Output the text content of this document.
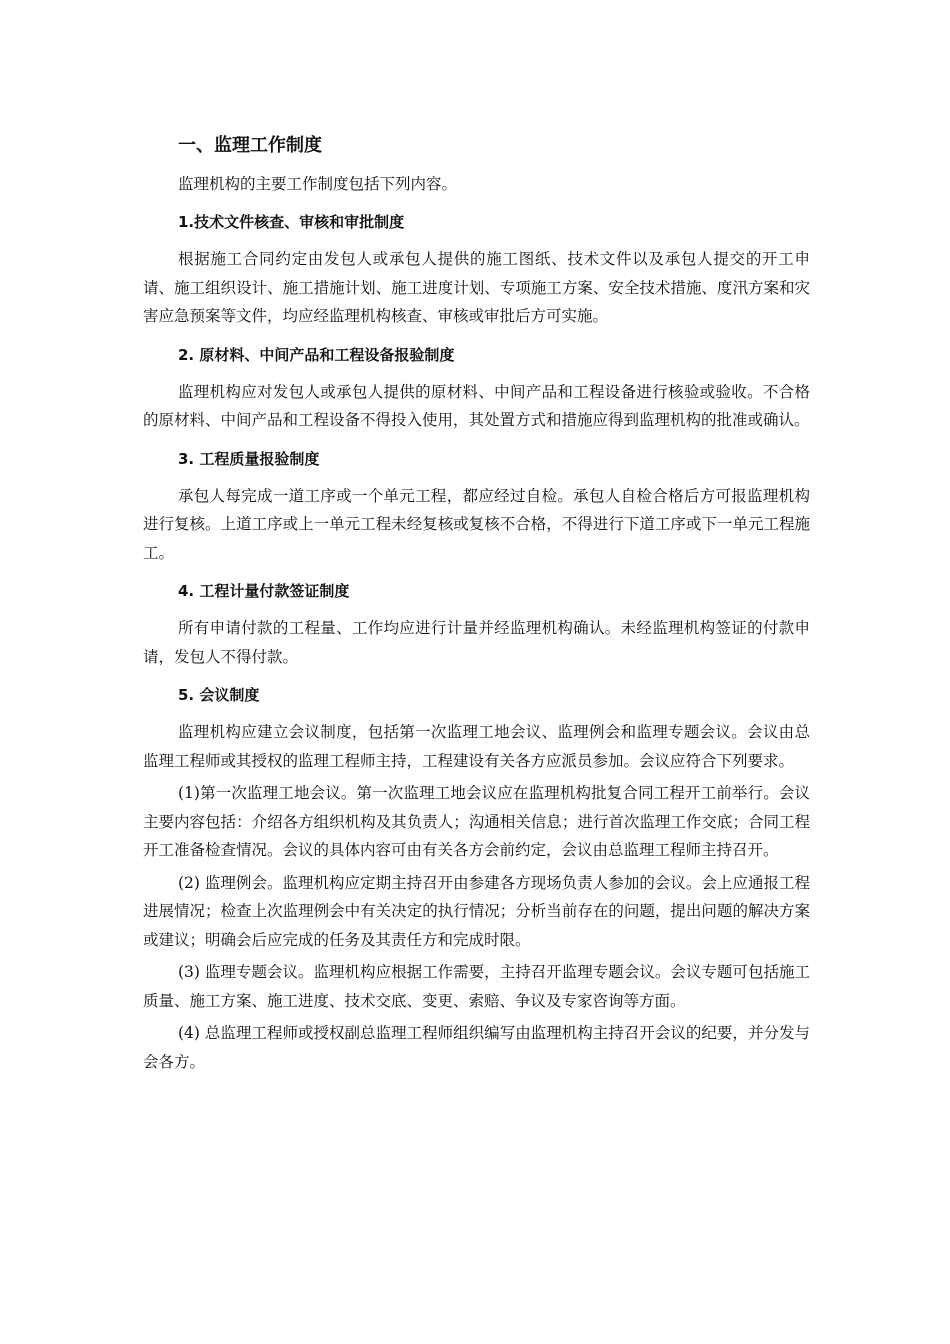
一、监理工作制度
监理机构的主要工作制度包括下列内容。
1.技术文件核查、审核和审批制度
根据施工合同约定由发包人或承包人提供的施工图纸、技术文件以及承包人提交的开工申请、施工组织设计、施工措施计划、施工进度计划、专项施工方案、安全技术措施、度汛方案和灾害应急预案等文件，均应经监理机构核查、审核或审批后方可实施。
2. 原材料、中间产品和工程设备报验制度
监理机构应对发包人或承包人提供的原材料、中间产品和工程设备进行核验或验收。不合格的原材料、中间产品和工程设备不得投入使用，其处置方式和措施应得到监理机构的批准或确认。
3. 工程质量报验制度
承包人每完成一道工序或一个单元工程，都应经过自检。承包人自检合格后方可报监理机构进行复核。上道工序或上一单元工程未经复核或复核不合格，不得进行下道工序或下一单元工程施工。
4. 工程计量付款签证制度
所有申请付款的工程量、工作均应进行计量并经监理机构确认。未经监理机构签证的付款申请，发包人不得付款。
5. 会议制度
监理机构应建立会议制度，包括第一次监理工地会议、监理例会和监理专题会议。会议由总监理工程师或其授权的监理工程师主持，工程建设有关各方应派员参加。会议应符合下列要求。
(1)第一次监理工地会议。第一次监理工地会议应在监理机构批复合同工程开工前举行。会议主要内容包括：介绍各方组织机构及其负责人；沟通相关信息；进行首次监理工作交底；合同工程开工准备检查情况。会议的具体内容可由有关各方会前约定，会议由总监理工程师主持召开。
(2) 监理例会。监理机构应定期主持召开由参建各方现场负责人参加的会议。会上应通报工程进展情况；检查上次监理例会中有关决定的执行情况；分析当前存在的问题，提出问题的解决方案或建议；明确会后应完成的任务及其责任方和完成时限。
(3) 监理专题会议。监理机构应根据工作需要，主持召开监理专题会议。会议专题可包括施工质量、施工方案、施工进度、技术交底、变更、索赔、争议及专家咨询等方面。
(4) 总监理工程师或授权副总监理工程师组织编写由监理机构主持召开会议的纪要，并分发与会各方。
